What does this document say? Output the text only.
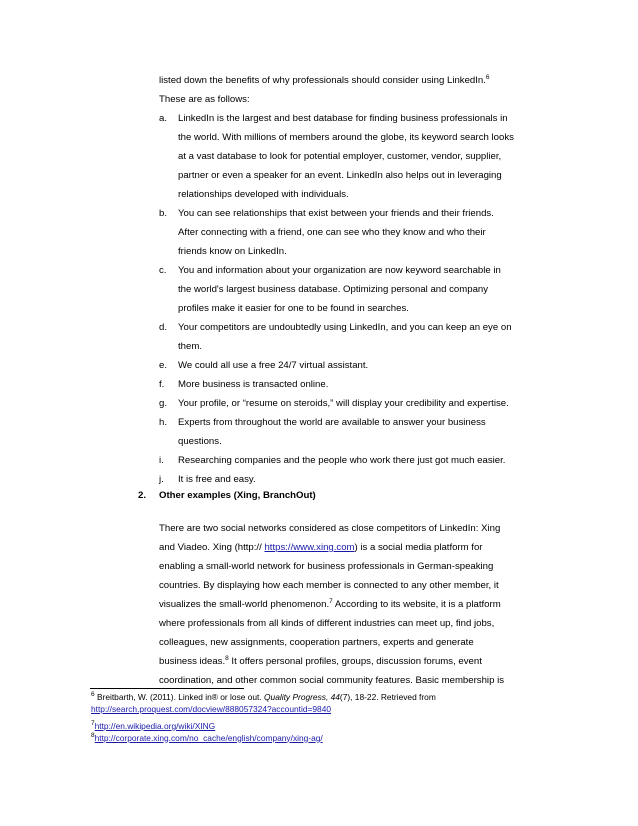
listed down the benefits of why professionals should consider using LinkedIn.$^6$

These are as follows:

a. LinkedIn is the largest and best database for finding business professionals in
the world. With millions of members around the globe, its keyword search looks
at a vast database to look for potential employer, customer, vendor, supplier,
partner or even a speaker for an event. LinkedIn also helps out in leveraging
relationships developed with individuals.
b. You can see relationships that exist between your friends and their friends.
After connecting with a friend, one can see who they know and who their
friends know on LinkedIn.
c. You and information about your organization are now keyword searchable in
the world's largest business database. Optimizing personal and company
profiles make it easier for one to be found in searches.
d. Your competitors are undoubtedly using LinkedIn, and you can keep an eye on
them.
e. We could all use a free 24/7 virtual assistant.
f. More business is transacted online.
g. Your profile, or “resume on steroids,” will display your credibility and expertise.
h. Experts from throughout the world are available to answer your business
questions.
i. Researching companies and the people who work there just got much easier.
j. It is free and easy.
2. Other examples (Xing, BranchOut)

There are two social networks considered as close competitors of LinkedIn: Xing

and Viadeo. Xing (http:// https://www.xing.com) is a social media platform for

enabling a small-world network for business professionals in German-speaking

countries. By displaying how each member is connected to any other member, it

visualizes the small-world phenomenon.$^7$ According to its website, it is a platform

where professionals from all kinds of different industries can meet up, find jobs,

colleagues, new assignments, cooperation partners, experts and generate

business ideas.$^8$ It offers personal profiles, groups, discussion forums, event

coordination, and other common social community features. Basic membership is

$^6$ Breitbarth, W. (2011). Linked in® or lose out. Quality Progress, 44(7), 18-22. Retrieved from

http://search.proquest.com/docview/888057324?accountid=9840

$^7$http://en.wikipedia.org/wiki/XING

$^8$http://corporate.xing.com/no_cache/english/company/xing-ag/
